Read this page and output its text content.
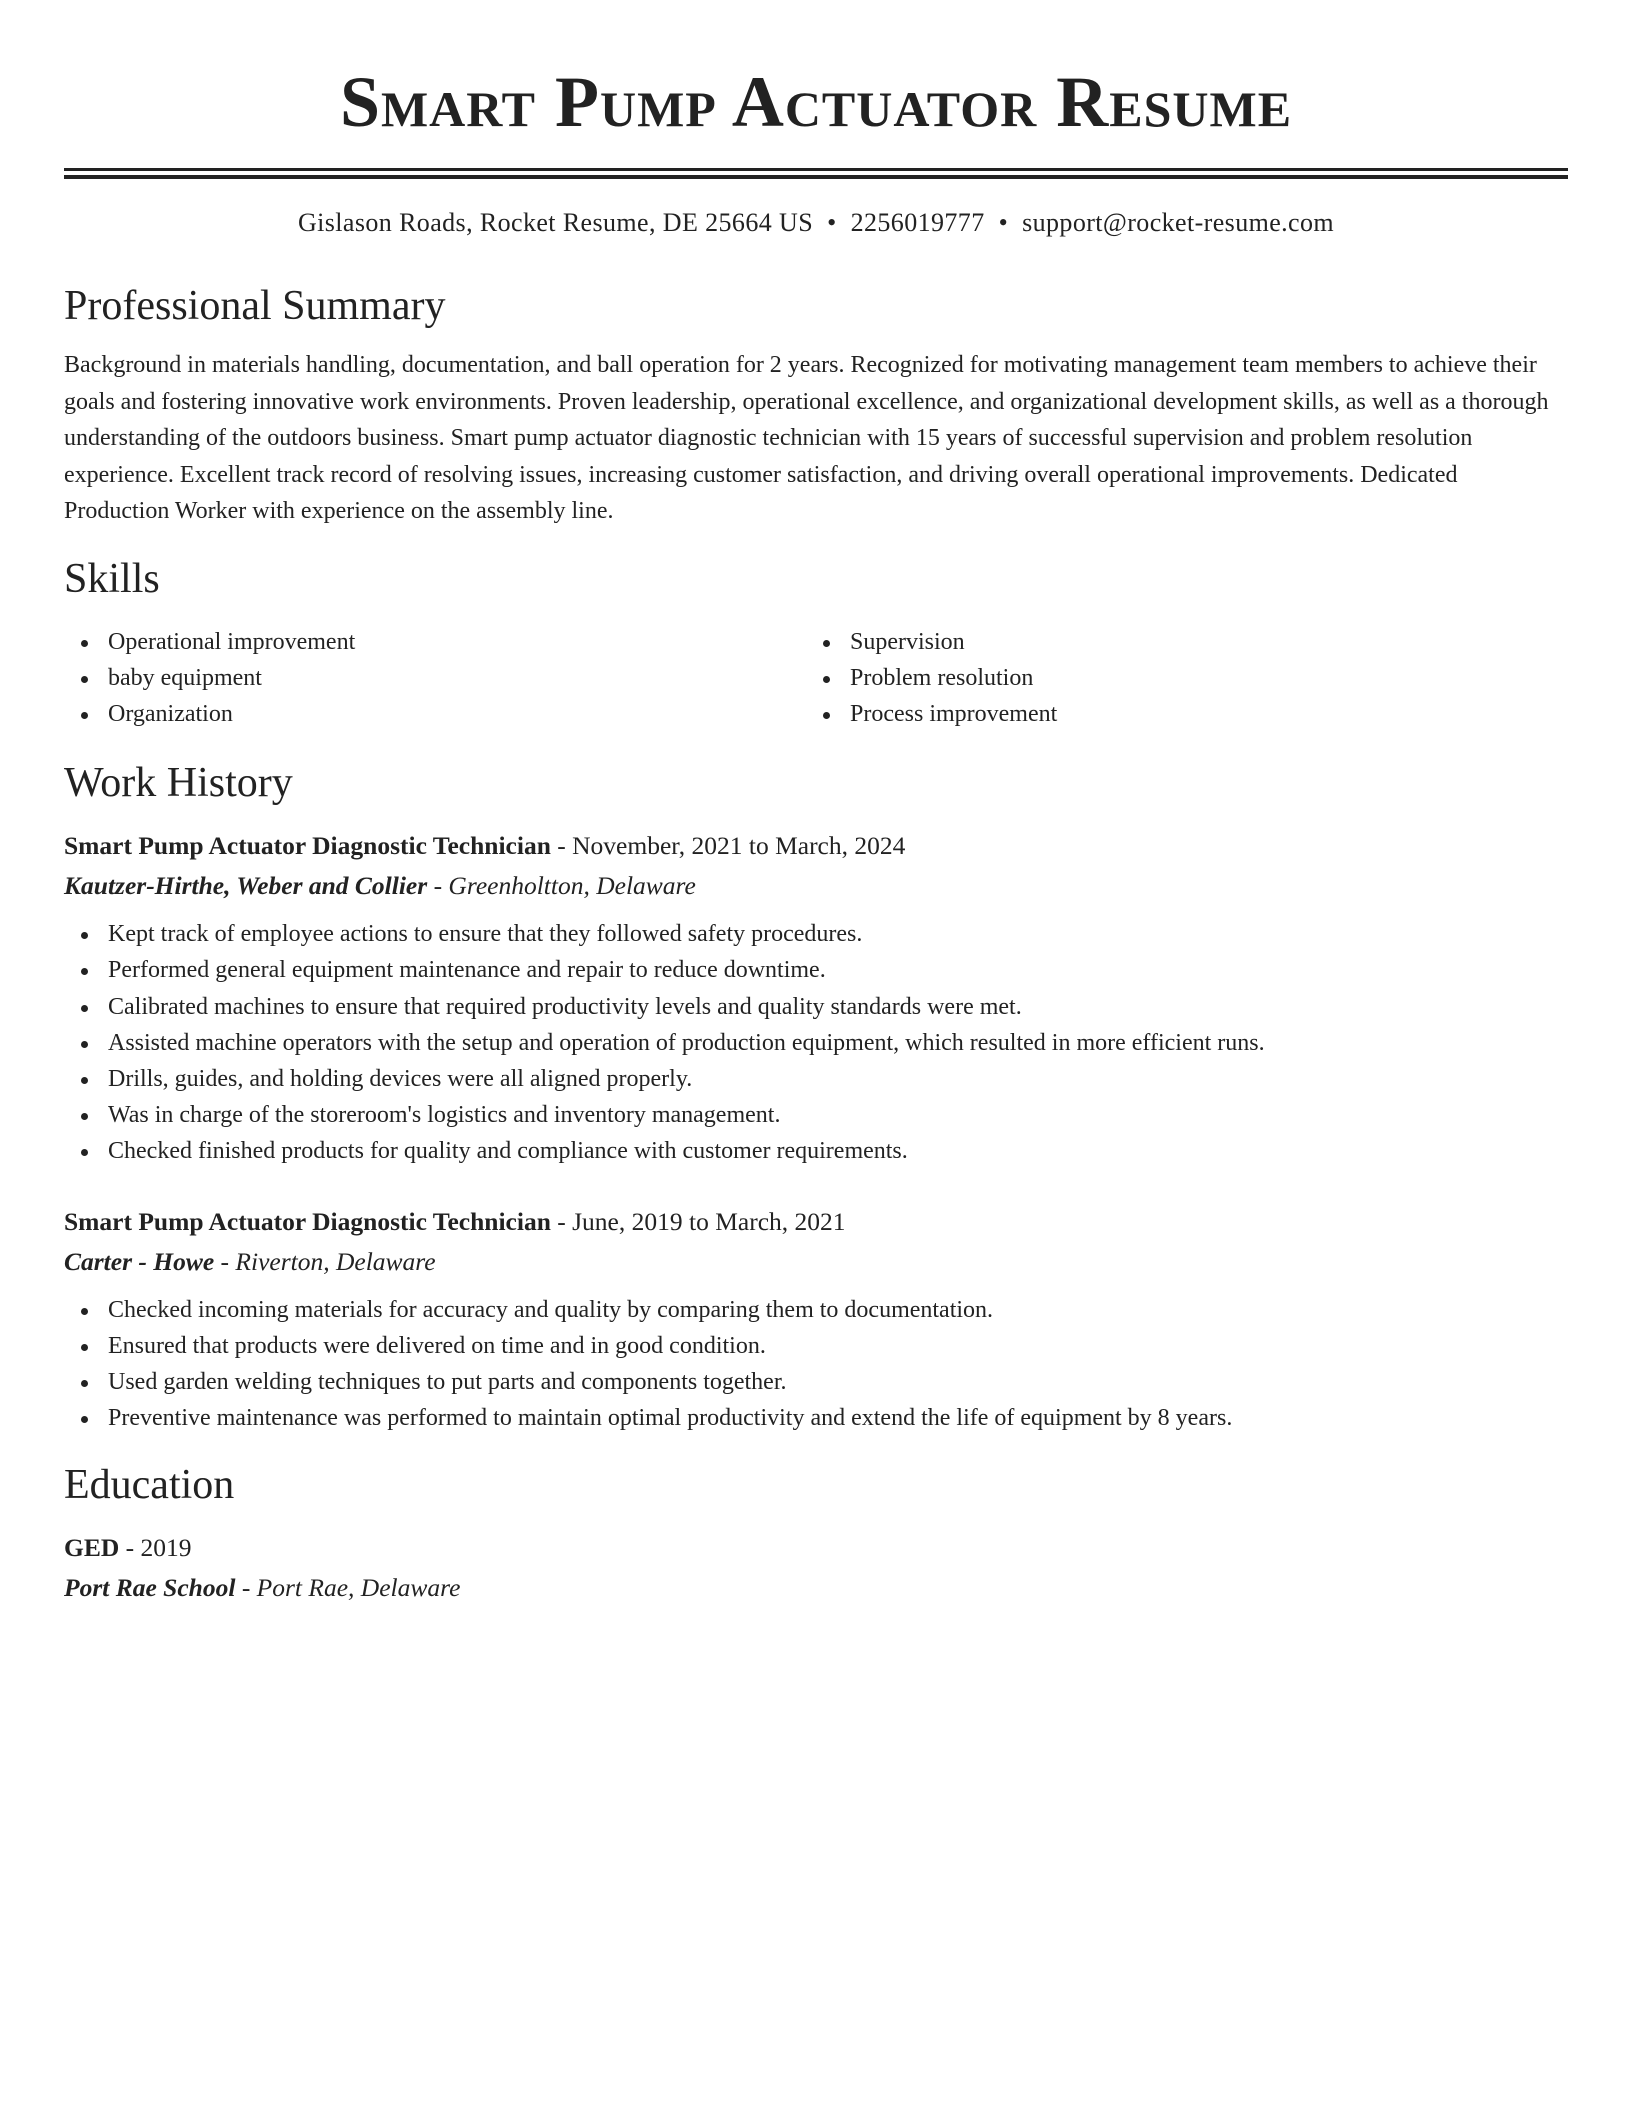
Smart Pump Actuator Resume
Gislason Roads, Rocket Resume, DE 25664 US • 2256019777 • support@rocket-resume.com
Professional Summary

Background in materials handling, documentation, and ball operation for 2 years. Recognized for motivating management team members to achieve their goals and fostering innovative work environments. Proven leadership, operational excellence, and organizational development skills, as well as a thorough understanding of the outdoors business. Smart pump actuator diagnostic technician with 15 years of successful supervision and problem resolution experience. Excellent track record of resolving issues, increasing customer satisfaction, and driving overall operational improvements. Dedicated Production Worker with experience on the assembly line.

Skills
Operational improvement
baby equipment
Organization
Supervision
Problem resolution
Process improvement
Work History
Smart Pump Actuator Diagnostic Technician - November, 2021 to March, 2024
Kautzer-Hirthe, Weber and Collier - Greenholtton, Delaware
Kept track of employee actions to ensure that they followed safety procedures.
Performed general equipment maintenance and repair to reduce downtime.
Calibrated machines to ensure that required productivity levels and quality standards were met.
Assisted machine operators with the setup and operation of production equipment, which resulted in more efficient runs.
Drills, guides, and holding devices were all aligned properly.
Was in charge of the storeroom's logistics and inventory management.
Checked finished products for quality and compliance with customer requirements.
Smart Pump Actuator Diagnostic Technician - June, 2019 to March, 2021
Carter - Howe - Riverton, Delaware
Checked incoming materials for accuracy and quality by comparing them to documentation.
Ensured that products were delivered on time and in good condition.
Used garden welding techniques to put parts and components together.
Preventive maintenance was performed to maintain optimal productivity and extend the life of equipment by 8 years.
Education
GED - 2019
Port Rae School - Port Rae, Delaware
